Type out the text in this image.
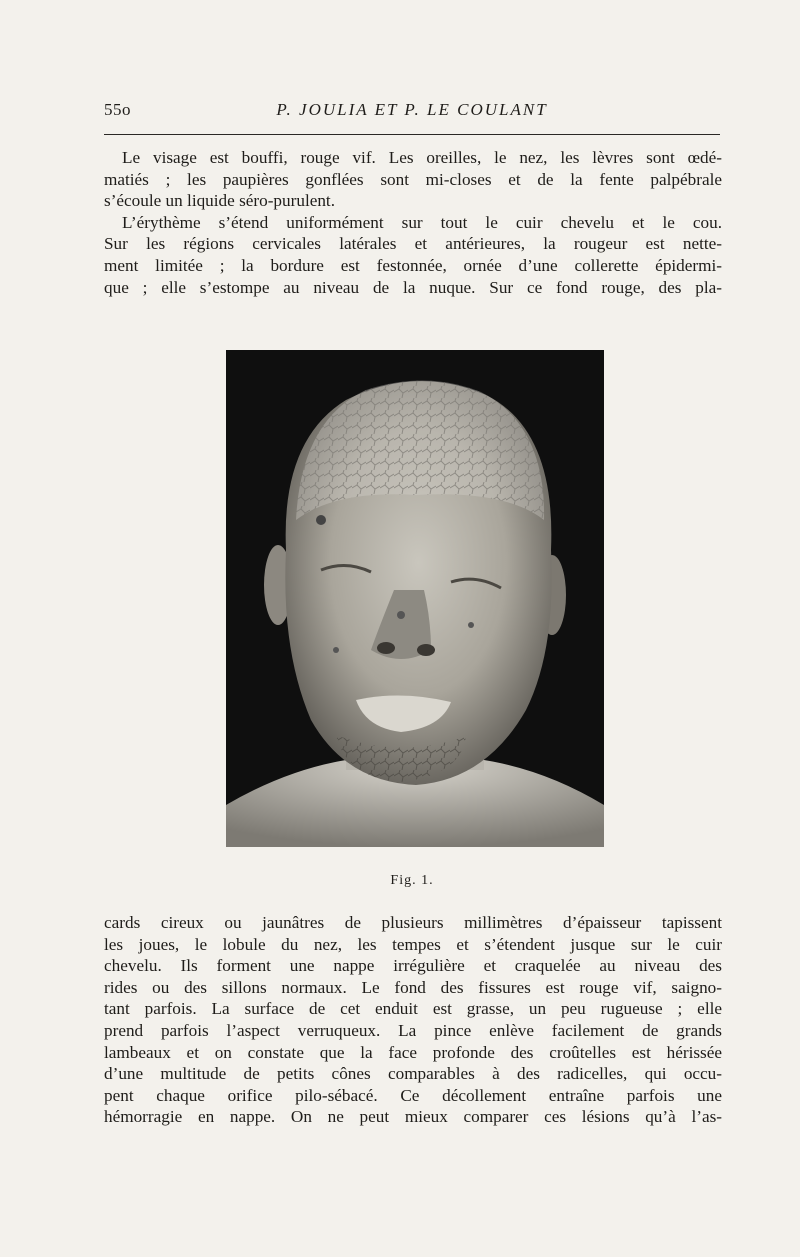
55o	P. JOULIA ET P. LE COULANT

Le visage est bouffi, rouge vif. Les oreilles, le nez, les lèvres sont œdé-
matiés ; les paupières gonflées sont mi-closes et de la fente palpébrale
s’écoule un liquide séro-purulent.

L’érythème s’étend uniformément sur tout le cuir chevelu et le cou.
Sur les régions cervicales latérales et antérieures, la rougeur est nette-
ment limitée ; la bordure est festonnée, ornée d’une collerette épidermi-
que ; elle s’estompe au niveau de la nuque. Sur ce fond rouge, des pla-

Fig. 1.

cards cireux ou jaunâtres de plusieurs millimètres d’épaisseur tapissent
les joues, le lobule du nez, les tempes et s’étendent jusque sur le cuir
chevelu. Ils forment une nappe irrégulière et craquelée au niveau des
rides ou des sillons normaux. Le fond des fissures est rouge vif, saigno-
tant parfois. La surface de cet enduit est grasse, un peu rugueuse ; elle
prend parfois l’aspect verruqueux. La pince enlève facilement de grands
lambeaux et on constate que la face profonde des croûtelles est hérissée
d’une multitude de petits cônes comparables à des radicelles, qui occu-
pent chaque orifice pilo-sébacé. Ce décollement entraîne parfois une
hémorragie en nappe. On ne peut mieux comparer ces lésions qu’à l’as-
